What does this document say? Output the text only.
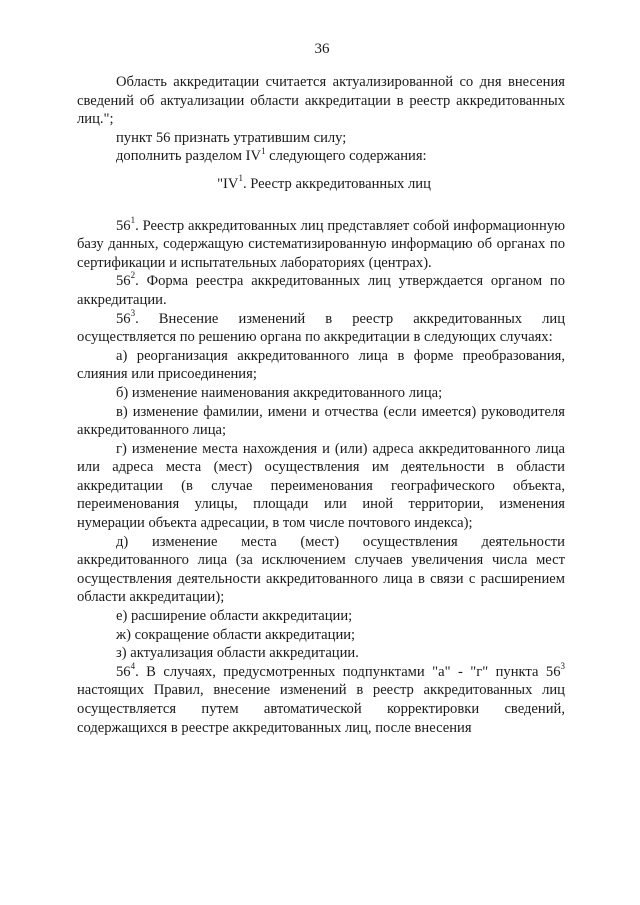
36

Область аккредитации считается актуализированной со дня внесения сведений об актуализации области аккредитации в реестр аккредитованных лиц.";

пункт 56 признать утратившим силу;

дополнить разделом $IV^1$ следующего содержания:

"$IV^1$. Реестр аккредитованных лиц

$56^1$. Реестр аккредитованных лиц представляет собой информационную базу данных, содержащую систематизированную информацию об органах по сертификации и испытательных лабораториях (центрах).

$56^2$. Форма реестра аккредитованных лиц утверждается органом по аккредитации.

$56^3$. Внесение изменений в реестр аккредитованных лиц осуществляется по решению органа по аккредитации в следующих случаях:

а) реорганизация аккредитованного лица в форме преобразования, слияния или присоединения;

б) изменение наименования аккредитованного лица;

в) изменение фамилии, имени и отчества (если имеется) руководителя аккредитованного лица;

г) изменение места нахождения и (или) адреса аккредитованного лица или адреса места (мест) осуществления им деятельности в области аккредитации (в случае переименования географического объекта, переименования улицы, площади или иной территории, изменения нумерации объекта адресации, в том числе почтового индекса);

д) изменение места (мест) осуществления деятельности аккредитованного лица (за исключением случаев увеличения числа мест осуществления деятельности аккредитованного лица в связи с расширением области аккредитации);

е) расширение области аккредитации;

ж) сокращение области аккредитации;

з) актуализация области аккредитации.

$56^4$. В случаях, предусмотренных подпунктами "а" - "г" пункта $56^3$ настоящих Правил, внесение изменений в реестр аккредитованных лиц осуществляется путем автоматической корректировки сведений, содержащихся в реестре аккредитованных лиц, после внесения
